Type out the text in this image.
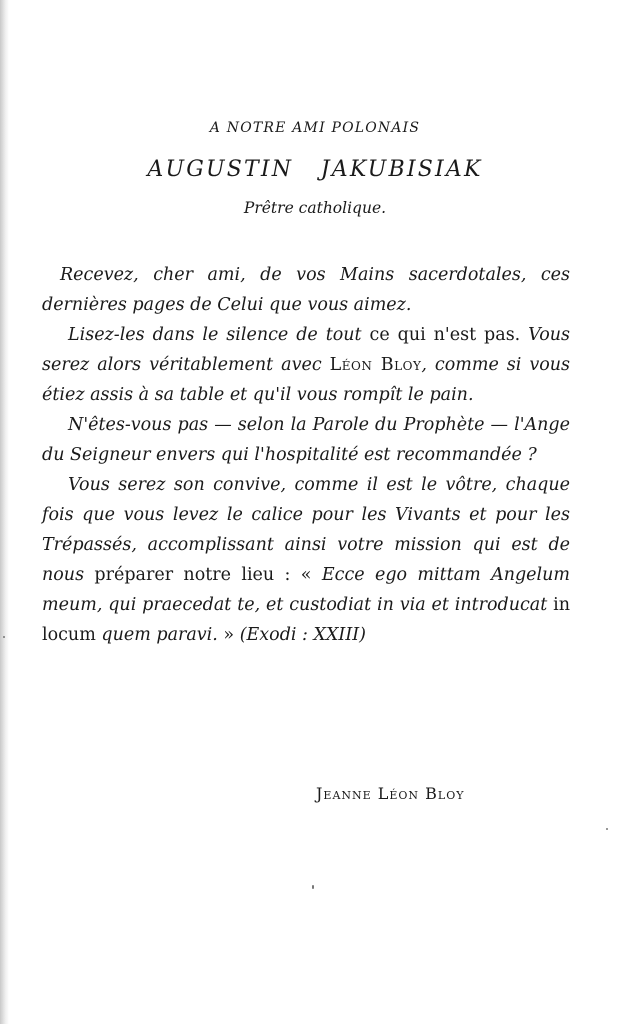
A NOTRE AMI POLONAIS
AUGUSTIN   JAKUBISIAK
Prêtre catholique.

Recevez, cher ami, de vos Mains sacerdotales, ces dernières pages de Celui que vous aimez.

Lisez-les dans le silence de tout ce qui n'est pas. Vous serez alors véritablement avec Léon Bloy, comme si vous étiez assis à sa table et qu'il vous rompît le pain.

N'êtes-vous pas — selon la Parole du Prophète — l'Ange du Seigneur envers qui l'hospitalité est recommandée ?

Vous serez son convive, comme il est le vôtre, chaque fois que vous levez le calice pour les Vivants et pour les Trépassés, accomplissant ainsi votre mission qui est de nous préparer notre lieu : « Ecce ego mittam Angelum meum, qui praecedat te, et custodiat in via et introducat in locum quem paravi. » (Exodi : XXIII)

Jeanne Léon Bloy
